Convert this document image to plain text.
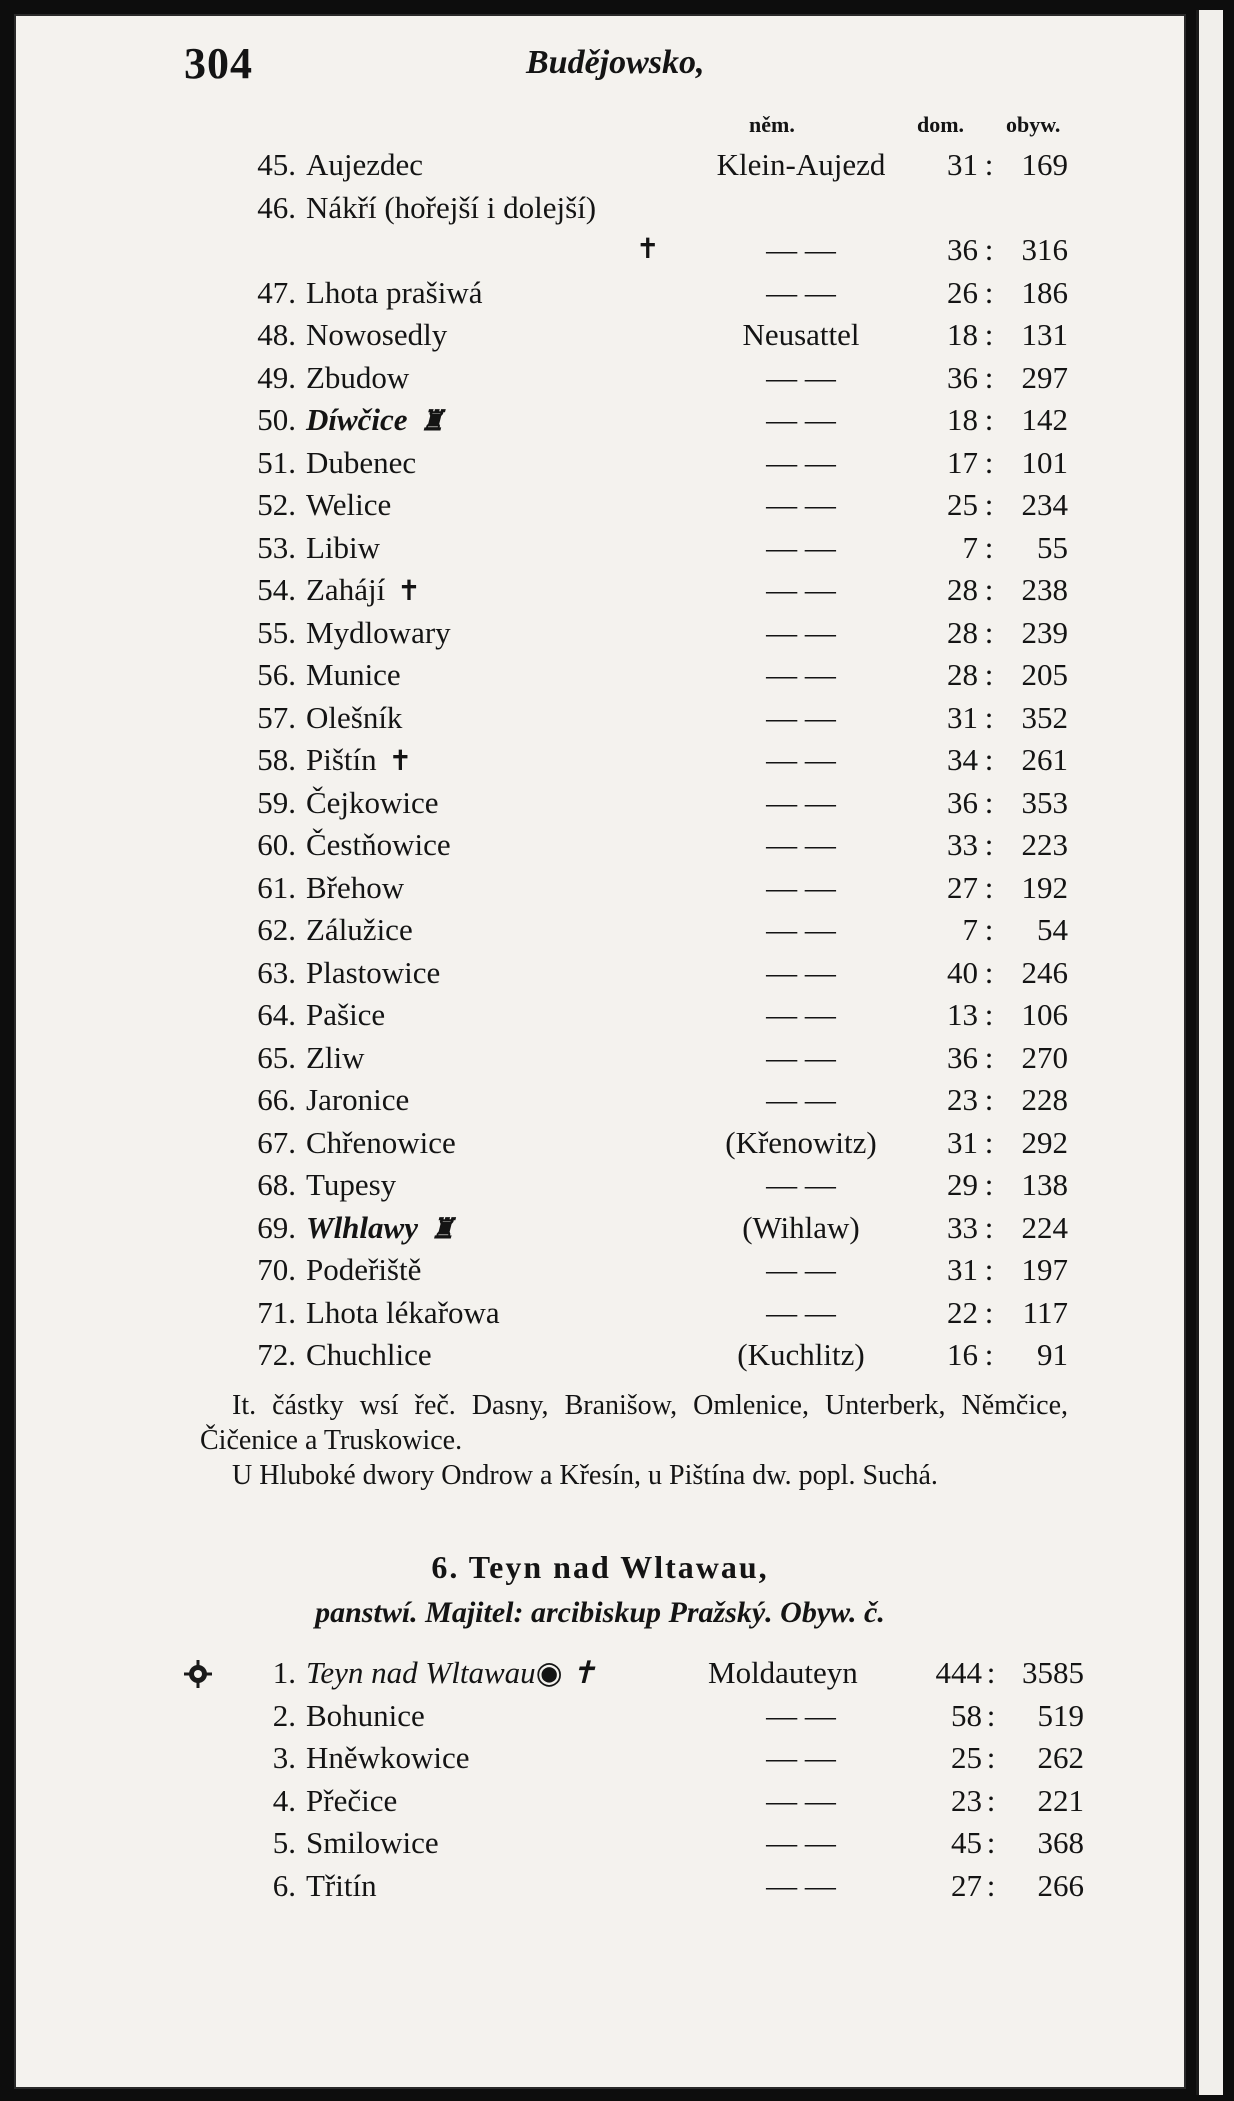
304	Budějowsko,
něm.	dom. obyw.
45. Aujezdec	Klein-Aujezd	31 : 169
46. Nákří (hořejší i dolejší)
✝	— —	36 : 316
47. Lhota prašiwá	— —	26 : 186
48. Nowosedly	Neusattel	18 : 131
49. Zbudow	— —	36 : 297
50. Díwčice ♜	— —	18 : 142
51. Dubenec	— —	17 : 101
52. Welice	— —	25 : 234
53. Libiw	— —	7 :	55
54. Zahájí ✝	— —	28 : 238
55. Mydlowary	— —	28 : 239
56. Munice	— —	28 : 205
57. Olešník	— —	31 : 352
58. Pištín ✝	— —	34 : 261
59. Čejkowice	— —	36 : 353
60. Čestňowice	— —	33 : 223
61. Břehow	— —	27 : 192
62. Zálužice	— —	7 :	54
63. Plastowice	— —	40 : 246
64. Pašice	— —	13 : 106
65. Zliw	— —	36 : 270
66. Jaronice	— —	23 : 228
67. Chřenowice	(Křenowitz)	31 : 292
68. Tupesy	— —	29 : 138
69. Wlhlawy ♜	(Wihlaw)	33 : 224
70. Podeřiště	— —	31 : 197
71. Lhota lékařowa	— —	22 : 117
72. Chuchlice	(Kuchlitz)	16 :	91

It. částky wsí řeč. Dasny, Branišow, Omlenice, Unterberk, Němčice, Čičenice a Truskowice.

U Hluboké dwory Ondrow a Křesín, u Pištína dw. popl. Suchá.

6. Teyn nad Wltawau,
panstwí. Majitel: arcibiskup Pražský. Obyw. č.
1. Teyn nad Wltawau◉ ✝	Moldauteyn	444 : 3585
2. Bohunice	— —	58 :	519
3. Hněwkowice	— —	25 :	262
4. Přečice	— —	23 :	221
5. Smilowice	— —	45 :	368
6. Třitín	— —	27 :	266
